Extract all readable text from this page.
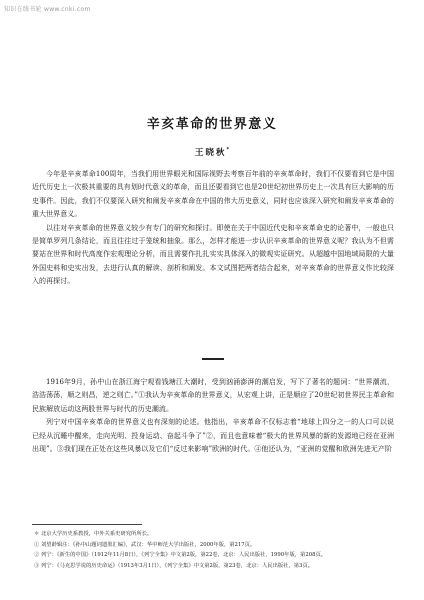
知识在线书轮 www.cnki.com
辛亥革命的世界意义
王晓秋*

今年是辛亥革命100周年，当我们用世界眼光和国际视野去考察百年前的辛亥革命时，我们不仅要看到它是中国近代历史上一次极其重要的具有划时代意义的革命，而且还要看到它也是20世纪初世界历史上一次具有巨大影响的历史事件。因此，我们不仅要深入研究和阐发辛亥革命在中国的伟大历史意义，同时也应该深入研究和阐发辛亥革命的重大世界意义。

以往对辛亥革命的世界意义较少有专门的研究和探讨。即使在关于中国近代史和辛亥革命史的论著中，一般也只是简单罗列几条结论，而且往往过于笼统和抽象。那么，怎样才能进一步认识辛亥革命的世界意义呢？我认为不但需要站在世界和时代高度作宏观理论分析，而且需要作扎扎实实具体深入的微观实证研究。从超越中国地域局限的大量外国史料和史实出发，去进行认真的解读、剖析和阐发。本文试图把两者结合起来，对辛亥革命的世界意义作比较深入的再探讨。

1916年9月，孙中山在浙江海宁观看钱塘江大潮时，受到汹涌澎湃的潮启发，写下了著名的题词：“世界潮流，浩浩荡荡，顺之则昌，逆之则亡。”①我认为辛亥革命的世界意义，从宏观上讲，正是顺应了20世纪初世界民主革命和民族解放运动这两股世界与时代的历史潮流。

列宁对中国辛亥革命的世界意义也有深刻的论述。他指出，辛亥革命不仅标志着“地球上四分之一的人口可以说已经从沉睡中醒来，走向光明、投身运动、奋起斗争了”②，而且也意味着“极大的世界风暴的新的发源地已经在亚洲出现”。③我们现在正处在这些风暴以及它们“反过来影响”欧洲的时代。④他还认为，“亚洲的觉醒和欧洲先进无产阶

＊ 北京大学历史系教授，中外关系史研究所所长。
① 刘望龄辑注：《孙中山题词遗墨汇编》，武汉：华中师范大学出版社，2000年版，第217页。
② 列宁：《新生的中国》（1912年11月8日），《列宁全集》中文第2版，第22卷，北京：人民出版社，1990年版，第208页。
③ 列宁：《马克思学说的历史命运》（1913年3月1日），《列宁全集》中文第2版，第23卷，北京：人民出版社，第3页。
